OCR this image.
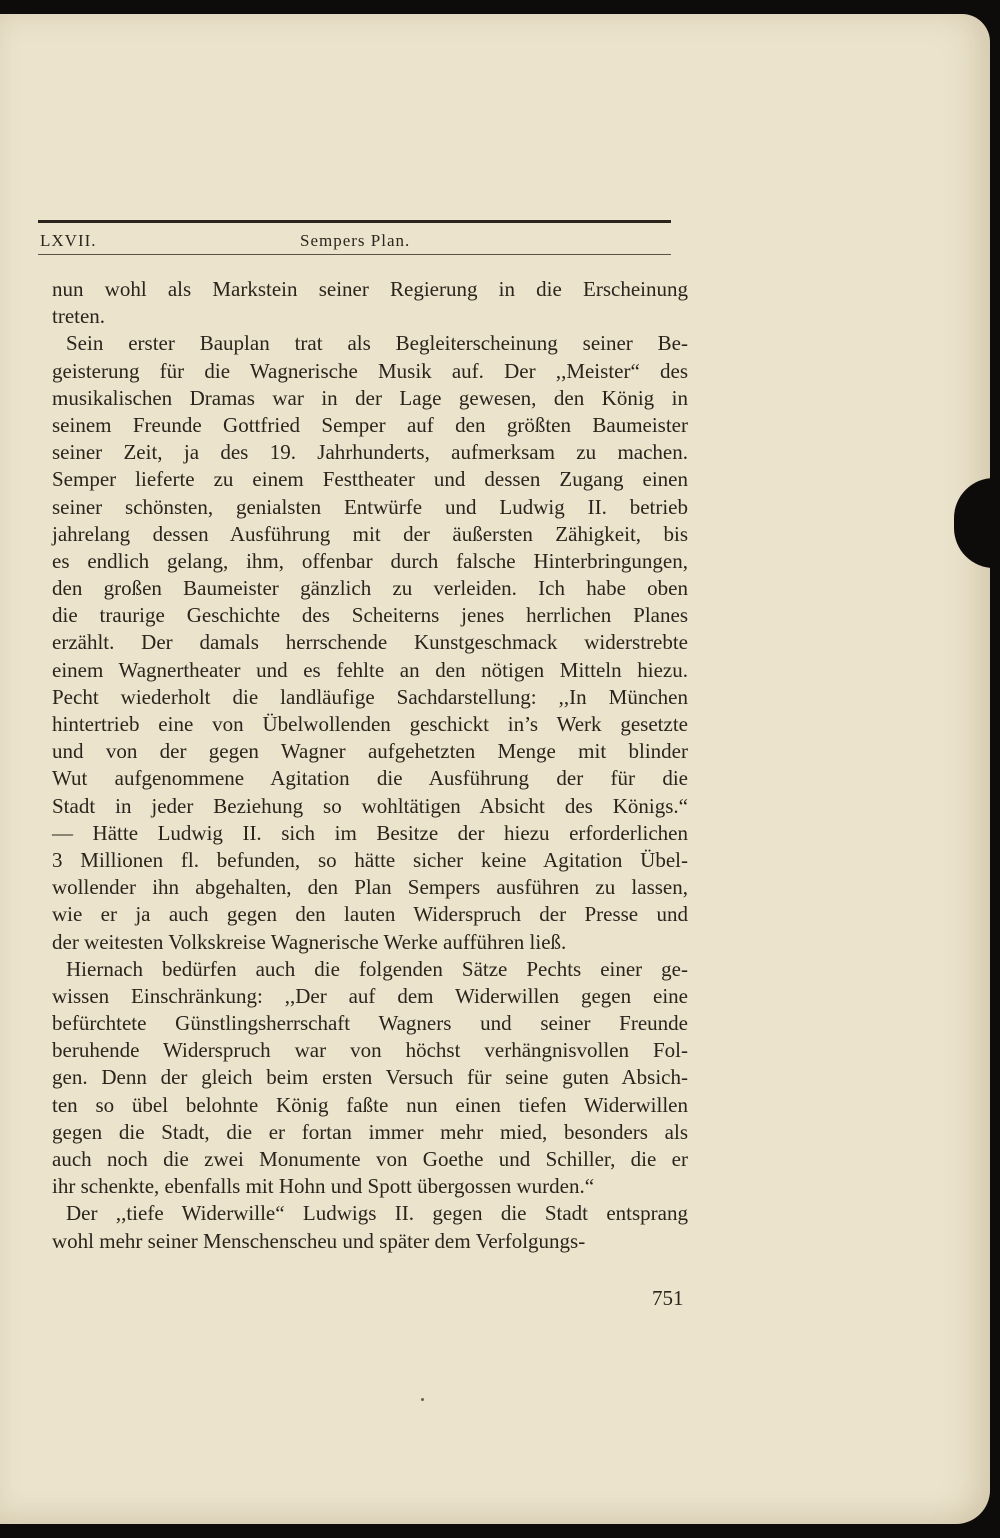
LXVII.	Sempers Plan.
nun wohl als Markstein seiner Regierung in die Erscheinung
treten.
Sein erster Bauplan trat als Begleiterscheinung seiner Be-
geisterung für die Wagnerische Musik auf. Der ,,Meister“ des
musikalischen Dramas war in der Lage gewesen, den König in
seinem Freunde Gottfried Semper auf den größten Baumeister
seiner Zeit, ja des 19. Jahrhunderts, aufmerksam zu machen.
Semper lieferte zu einem Festtheater und dessen Zugang einen
seiner schönsten, genialsten Entwürfe und Ludwig II. betrieb
jahrelang dessen Ausführung mit der äußersten Zähigkeit, bis
es endlich gelang, ihm, offenbar durch falsche Hinterbringungen,
den großen Baumeister gänzlich zu verleiden. Ich habe oben
die traurige Geschichte des Scheiterns jenes herrlichen Planes
erzählt. Der damals herrschende Kunstgeschmack widerstrebte
einem Wagnertheater und es fehlte an den nötigen Mitteln hiezu.
Pecht wiederholt die landläufige Sachdarstellung: ,,In München
hintertrieb eine von Übelwollenden geschickt in’s Werk gesetzte
und von der gegen Wagner aufgehetzten Menge mit blinder
Wut aufgenommene Agitation die Ausführung der für die
Stadt in jeder Beziehung so wohltätigen Absicht des Königs.“
— Hätte Ludwig II. sich im Besitze der hiezu erforderlichen
3 Millionen fl. befunden, so hätte sicher keine Agitation Übel-
wollender ihn abgehalten, den Plan Sempers ausführen zu lassen,
wie er ja auch gegen den lauten Widerspruch der Presse und
der weitesten Volkskreise Wagnerische Werke aufführen ließ.
Hiernach bedürfen auch die folgenden Sätze Pechts einer ge-
wissen Einschränkung: ,,Der auf dem Widerwillen gegen eine
befürchtete Günstlingsherrschaft Wagners und seiner Freunde
beruhende Widerspruch war von höchst verhängnisvollen Fol-
gen. Denn der gleich beim ersten Versuch für seine guten Absich-
ten so übel belohnte König faßte nun einen tiefen Widerwillen
gegen die Stadt, die er fortan immer mehr mied, besonders als
auch noch die zwei Monumente von Goethe und Schiller, die er
ihr schenkte, ebenfalls mit Hohn und Spott übergossen wurden.“
Der ,,tiefe Widerwille“ Ludwigs II. gegen die Stadt entsprang
wohl mehr seiner Menschenscheu und später dem Verfolgungs-
751
